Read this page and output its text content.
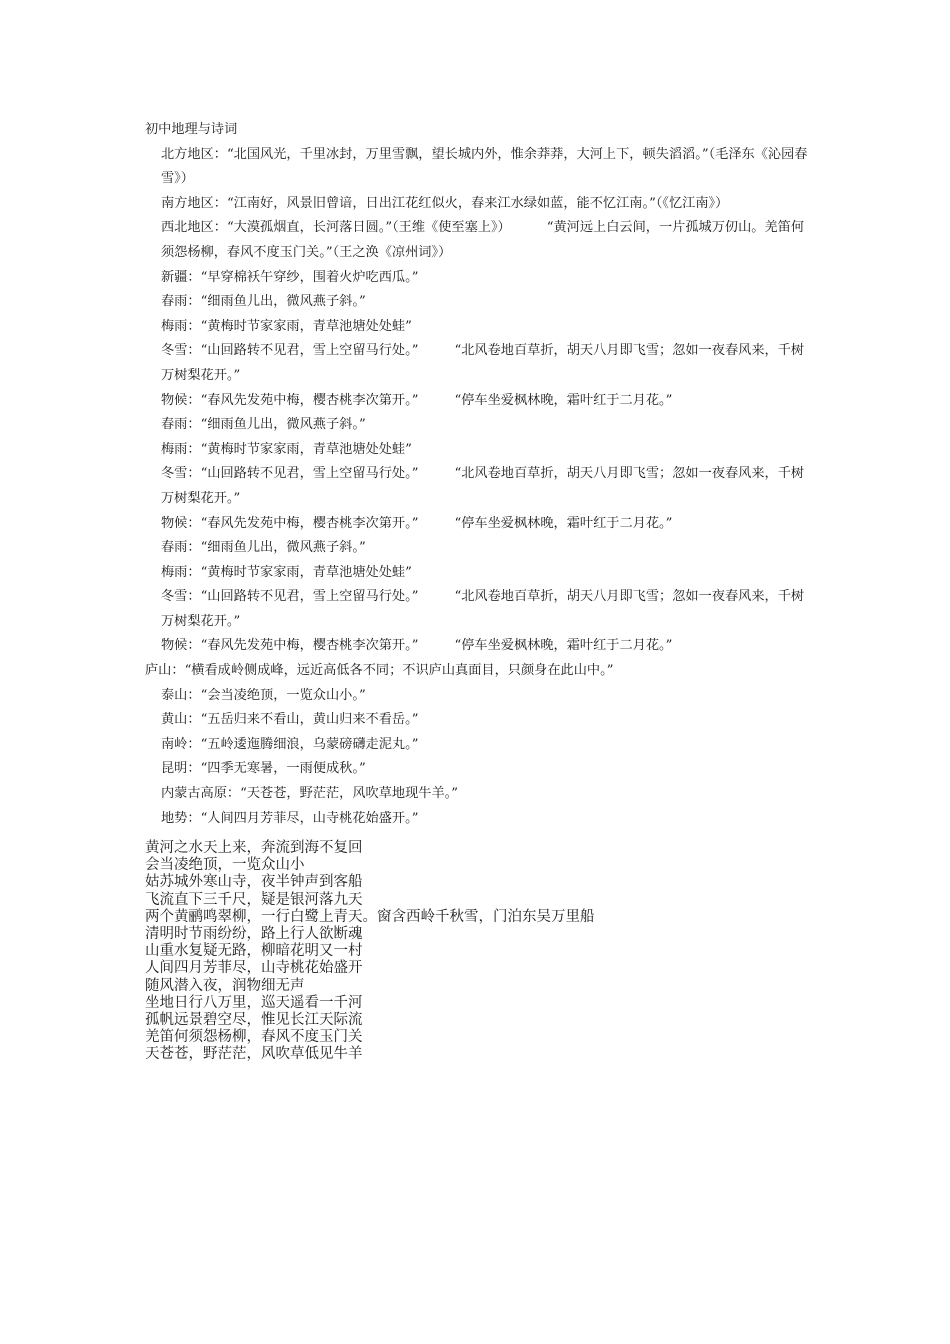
初中地理与诗词

北方地区：“北国风光，千里冰封，万里雪飘，望长城内外，惟余莽莽，大河上下，顿失滔滔。”（毛泽东《沁园春 雪》）

南方地区：“江南好，风景旧曾谙，日出江花红似火，春来江水绿如蓝，能不忆江南。”（《忆江南》）

西北地区：“大漠孤烟直，长河落日圆。”（王维《使至塞上》）	“黄河远上白云间，一片孤城万仞山。羌笛何须怨杨柳，春风不度玉门关。”（王之涣《凉州词》）

新疆：“早穿棉袄午穿纱，围着火炉吃西瓜。”

春雨：“细雨鱼儿出，微风燕子斜。”

梅雨：“黄梅时节家家雨，青草池塘处处蛙”

冬雪：“山回路转不见君，雪上空留马行处。”	“北风卷地百草折，胡天八月即飞雪；忽如一夜春风来，千树万树梨花开。”

物候：“春风先发苑中梅，樱杏桃李次第开。”	“停车坐爱枫林晚，霜叶红于二月花。”

春雨：“细雨鱼儿出，微风燕子斜。”

梅雨：“黄梅时节家家雨，青草池塘处处蛙”

冬雪：“山回路转不见君，雪上空留马行处。”	“北风卷地百草折，胡天八月即飞雪；忽如一夜春风来，千树万树梨花开。”

物候：“春风先发苑中梅，樱杏桃李次第开。”	“停车坐爱枫林晚，霜叶红于二月花。”

春雨：“细雨鱼儿出，微风燕子斜。”

梅雨：“黄梅时节家家雨，青草池塘处处蛙”

冬雪：“山回路转不见君，雪上空留马行处。”	“北风卷地百草折，胡天八月即飞雪；忽如一夜春风来，千树万树梨花开。”

物候：“春风先发苑中梅，樱杏桃李次第开。”	“停车坐爱枫林晚，霜叶红于二月花。”

庐山：“横看成岭侧成峰，远近高低各不同；不识庐山真面目，只颜身在此山中。”

泰山：“会当凌绝顶，一览众山小。”

黄山：“五岳归来不看山，黄山归来不看岳。”

南岭：“五岭逶迤腾细浪，乌蒙磅礴走泥丸。”

昆明：“四季无寒暑，一雨便成秋。”

内蒙古高原：“天苍苍，野茫茫，风吹草地现牛羊。”

地势：“人间四月芳菲尽，山寺桃花始盛开。”

黄河之水天上来，奔流到海不复回
会当凌绝顶，一览众山小
姑苏城外寒山寺，夜半钟声到客船
飞流直下三千尺，疑是银河落九天
两个黄鹂鸣翠柳，一行白鹭上青天。窗含西岭千秋雪，门泊东吴万里船
清明时节雨纷纷，路上行人欲断魂
山重水复疑无路，柳暗花明又一村
人间四月芳菲尽，山寺桃花始盛开
随风潜入夜，润物细无声
坐地日行八万里，巡天遥看一千河
孤帆远景碧空尽，惟见长江天际流
羌笛何须怨杨柳，春风不度玉门关
天苍苍，野茫茫，风吹草低见牛羊
